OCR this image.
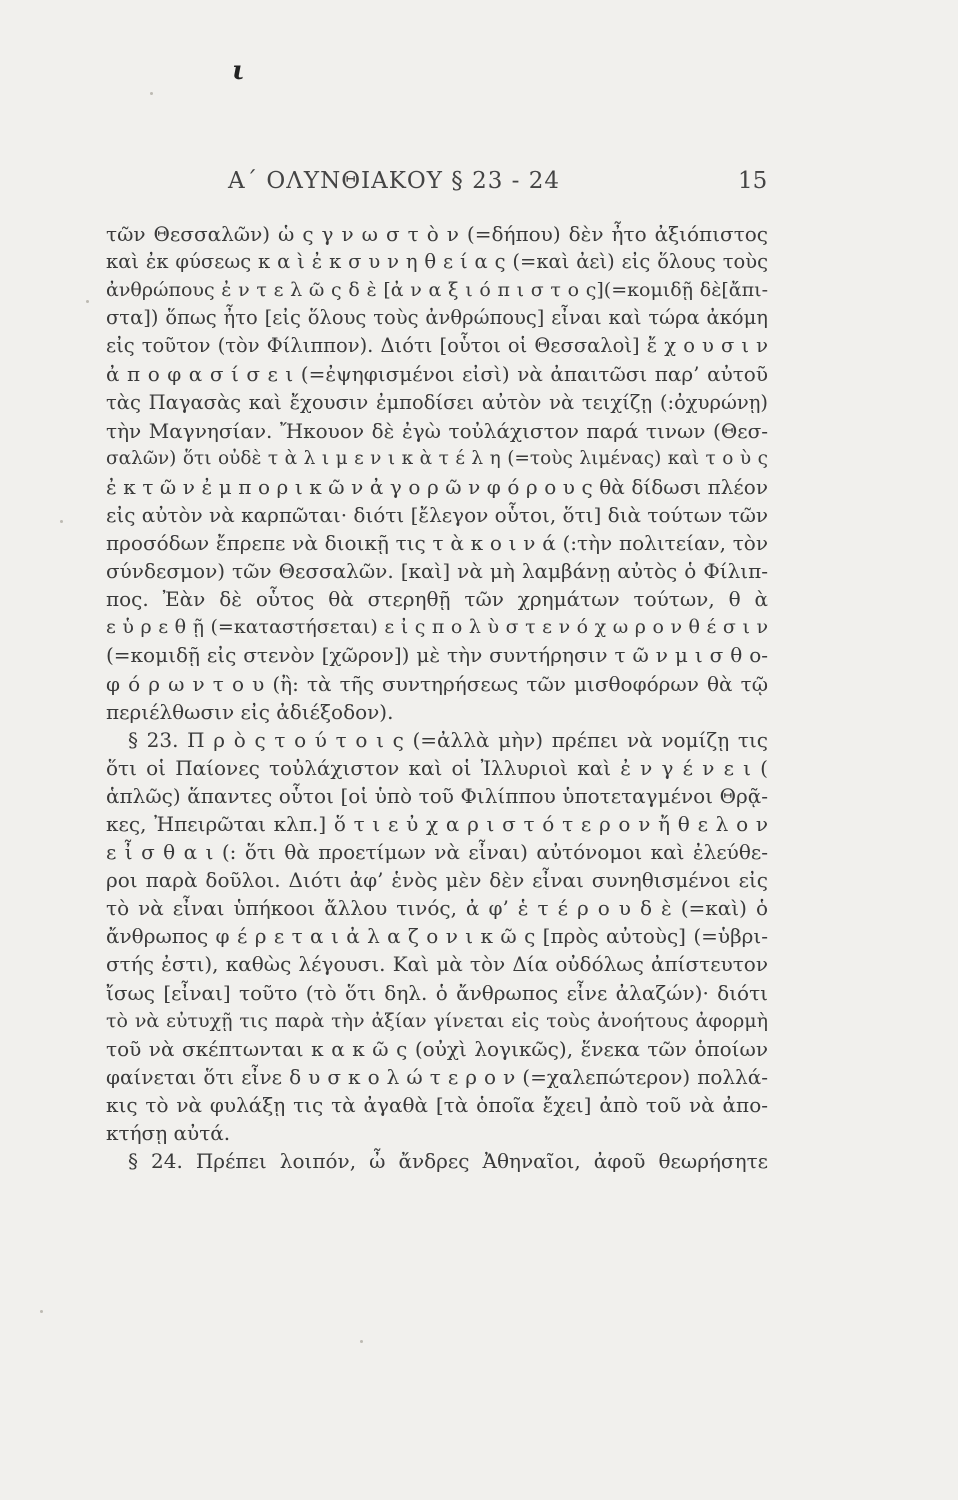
ι
Α΄ ΟΛΥΝΘΙΑΚΟΥ § 23 - 24	15
τῶν Θεσσαλῶν) ὡ ς γ ν ω σ τ ὸ ν (=δήπου) δὲν ἦτο ἀξιόπιστος
καὶ ἐκ φύσεως κ α ὶ ἐ κ σ υ ν η θ ε ί α ς (=καὶ ἀεὶ) εἰς ὅλους τοὺς
ἀνθρώπους ἐ ν τ ε λ ῶ ς δ ὲ [ἀ ν α ξ ι ό π ι σ τ ο ς](=κομιδῇ δὲ[ἄπι-
στα]) ὅπως ἦτο [εἰς ὅλους τοὺς ἀνθρώπους] εἶναι καὶ τώρα ἀκόμη
εἰς τοῦτον (τὸν Φίλιππον). Διότι [οὗτοι οἱ Θεσσαλοὶ] ἔ χ ο υ σ ι ν
ἀ π ο φ α σ ί σ ε ι (=ἐψηφισμένοι εἰσὶ) νὰ ἀπαιτῶσι παρ’ αὐτοῦ
τὰς Παγασὰς καὶ ἔχουσιν ἐμποδίσει αὐτὸν νὰ τειχίζῃ (:ὀχυρώνῃ)
τὴν Μαγνησίαν. Ἤκουον δὲ ἐγὼ τοὐλάχιστον παρά τινων (Θεσ-
σαλῶν) ὅτι οὐδὲ τ ὰ λ ι μ ε ν ι κ ὰ τ έ λ η (=τοὺς λιμένας) καὶ τ ο ὺ ς
ἐ κ τ ῶ ν ἐ μ π ο ρ ι κ ῶ ν ἀ γ ο ρ ῶ ν φ ό ρ ο υ ς θὰ δίδωσι πλέον
εἰς αὐτὸν νὰ καρπῶται· διότι [ἔλεγον οὗτοι, ὅτι] διὰ τούτων τῶν
προσόδων ἔπρεπε νὰ διοικῇ τις τ ὰ κ ο ι ν ά (:τὴν πολιτείαν, τὸν
σύνδεσμον) τῶν Θεσσαλῶν. [καὶ] νὰ μὴ λαμβάνῃ αὐτὸς ὁ Φίλιπ-
πος. Ἐὰν δὲ οὗτος θὰ στερηθῇ τῶν χρημάτων τούτων, θ ὰ
ε ὑ ρ ε θ ῇ (=καταστήσεται) ε ἰ ς π ο λ ὺ σ τ ε ν ό χ ω ρ ο ν θ έ σ ι ν
(=κομιδῇ εἰς στενὸν [χῶρον]) μὲ τὴν συντήρησιν τ ῶ ν μ ι σ θ ο-
φ ό ρ ω ν τ ο υ (ἢ: τὰ τῆς συντηρήσεως τῶν μισθοφόρων θὰ τῷ
περιέλθωσιν εἰς ἀδιέξοδον).
§ 23. Π ρ ὸ ς τ ο ύ τ ο ι ς (=ἀλλὰ μὴν) πρέπει νὰ νομίζῃ τις
ὅτι οἱ Παίονες τοὐλάχιστον καὶ οἱ Ἰλλυριοὶ καὶ ἐ ν γ έ ν ε ι (
ἁπλῶς) ἅπαντες οὗτοι [οἱ ὑπὸ τοῦ Φιλίππου ὑποτεταγμένοι Θρᾷ-
κες, Ἠπειρῶται κλπ.] ὅ τ ι ε ὐ χ α ρ ι σ τ ό τ ε ρ ο ν ἤ θ ε λ ο ν
ε ἶ σ θ α ι (: ὅτι θὰ προετίμων νὰ εἶναι) αὐτόνομοι καὶ ἐλεύθε-
ροι παρὰ δοῦλοι. Διότι ἀφ’ ἑνὸς μὲν δὲν εἶναι συνηθισμένοι εἰς
τὸ νὰ εἶναι ὑπήκοοι ἄλλου τινός, ἀ φ’ ἑ τ έ ρ ο υ δ ὲ (=καὶ) ὁ
ἄνθρωπος φ έ ρ ε τ α ι ἀ λ α ζ ο ν ι κ ῶ ς [πρὸς αὐτοὺς] (=ὑβρι-
στής ἐστι), καθὼς λέγουσι. Καὶ μὰ τὸν Δία οὐδόλως ἀπίστευτον
ἴσως [εἶναι] τοῦτο (τὸ ὅτι δηλ. ὁ ἄνθρωπος εἶνε ἀλαζών)· διότι
τὸ νὰ εὐτυχῇ τις παρὰ τὴν ἀξίαν γίνεται εἰς τοὺς ἀνοήτους ἀφορμὴ
τοῦ νὰ σκέπτωνται κ α κ ῶ ς (οὐχὶ λογικῶς), ἕνεκα τῶν ὁποίων
φαίνεται ὅτι εἶνε δ υ σ κ ο λ ώ τ ε ρ ο ν (=χαλεπώτερον) πολλά-
κις τὸ νὰ φυλάξῃ τις τὰ ἀγαθὰ [τὰ ὁποῖα ἔχει] ἀπὸ τοῦ νὰ ἀπο-
κτήσῃ αὐτά.
§ 24. Πρέπει λοιπόν, ὦ ἄνδρες Ἀθηναῖοι, ἀφοῦ θεωρήσητε
